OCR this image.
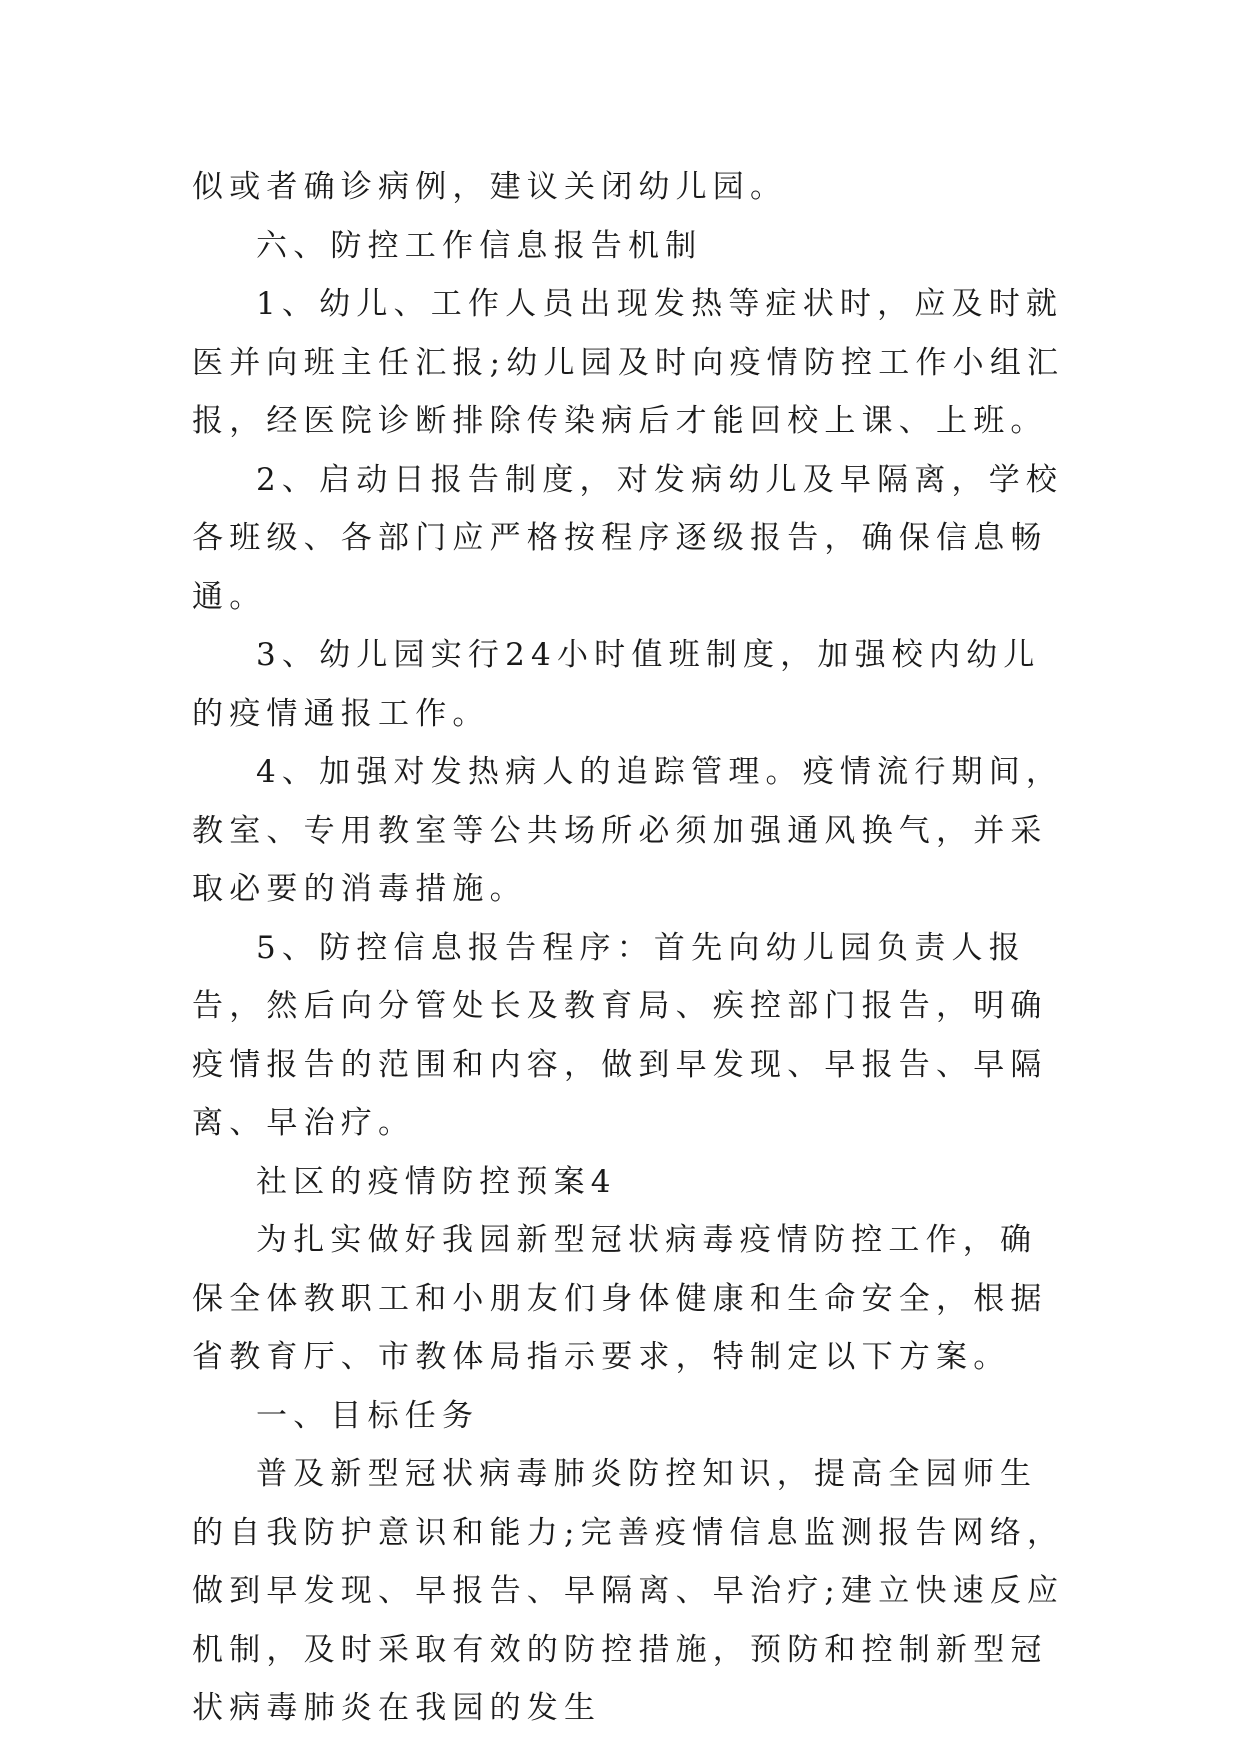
似或者确诊病例，建议关闭幼儿园。

六、防控工作信息报告机制

1、幼儿、工作人员出现发热等症状时，应及时就医并向班主任汇报;幼儿园及时向疫情防控工作小组汇报，经医院诊断排除传染病后才能回校上课、上班。

2、启动日报告制度，对发病幼儿及早隔离，学校各班级、各部门应严格按程序逐级报告，确保信息畅通。

3、幼儿园实行24小时值班制度，加强校内幼儿的疫情通报工作。

4、加强对发热病人的追踪管理。疫情流行期间，教室、专用教室等公共场所必须加强通风换气，并采取必要的消毒措施。

5、防控信息报告程序：首先向幼儿园负责人报告，然后向分管处长及教育局、疾控部门报告，明确疫情报告的范围和内容，做到早发现、早报告、早隔离、早治疗。

社区的疫情防控预案4

为扎实做好我园新型冠状病毒疫情防控工作，确保全体教职工和小朋友们身体健康和生命安全，根据省教育厅、市教体局指示要求，特制定以下方案。

一、目标任务

普及新型冠状病毒肺炎防控知识，提高全园师生的自我防护意识和能力;完善疫情信息监测报告网络，做到早发现、早报告、早隔离、早治疗;建立快速反应机制，及时采取有效的防控措施，预防和控制新型冠状病毒肺炎在我园的发生
